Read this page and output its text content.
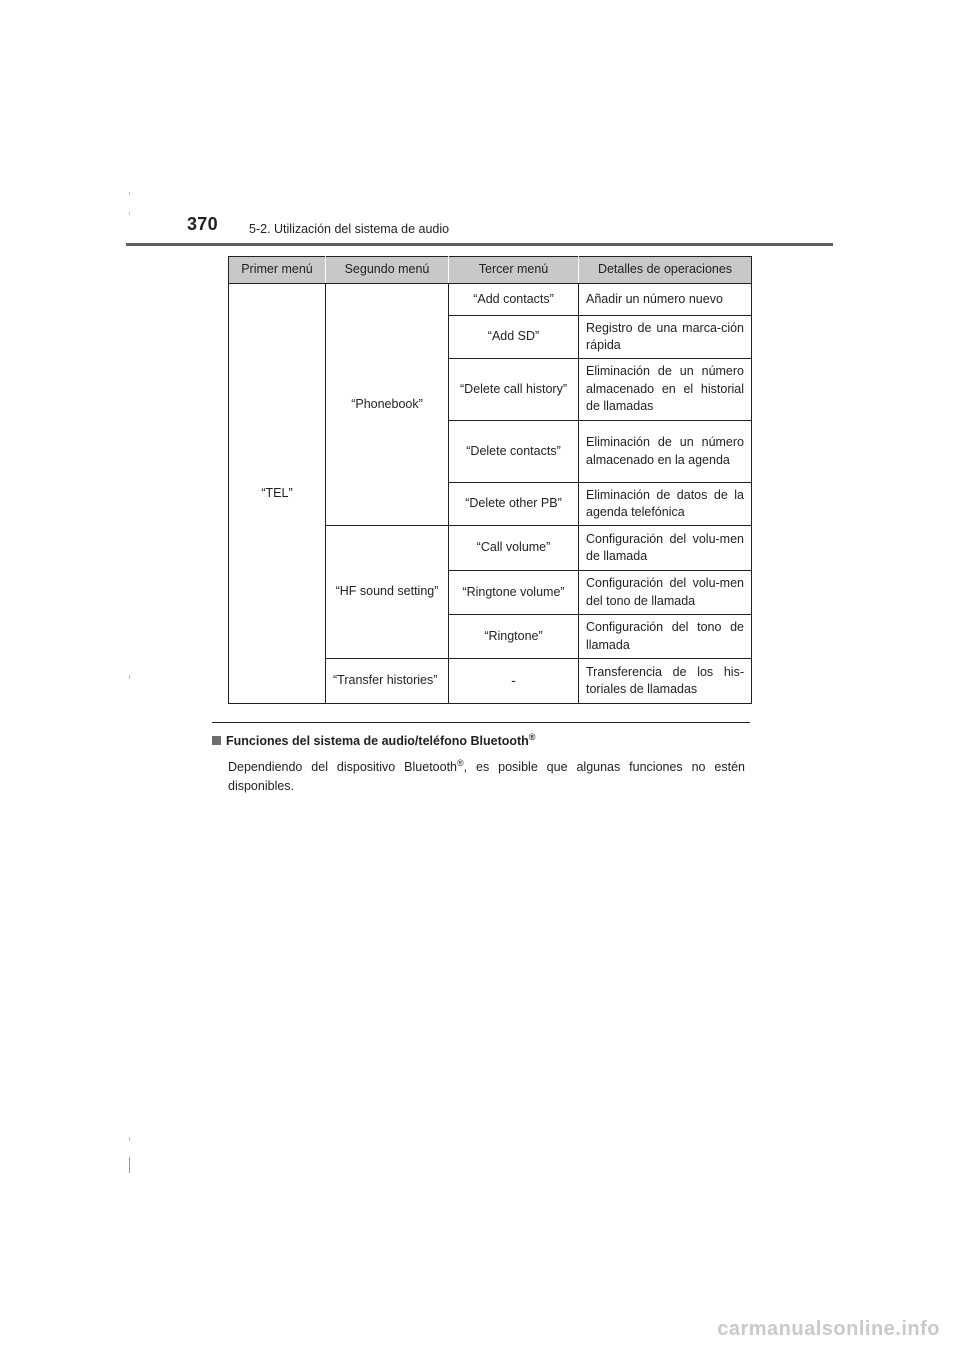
370 5-2. Utilización del sistema de audio
Primer menú	Segundo menú	Tercer menú	Detalles de operaciones
“TEL”	“Phonebook”	“Add contacts”	Añadir un número nuevo
		“Add SD”	Registro de una marca-ción rápida
		“Delete call history”	Eliminación de un número almacenado en el historial de llamadas
		“Delete contacts”	Eliminación de un número almacenado en la agenda
		“Delete other PB”	Eliminación de datos de la agenda telefónica
	“HF sound setting”	“Call volume”	Configuración del volu-men de llamada
		“Ringtone volume”	Configuración del volu-men del tono de llamada
		“Ringtone”	Configuración del tono de llamada
	“Transfer histories”	-	Transferencia de los his-toriales de llamadas
Funciones del sistema de audio/teléfono Bluetooth®
Dependiendo del dispositivo Bluetooth®, es posible que algunas funciones no estén disponibles.
carmanualsonline.info
